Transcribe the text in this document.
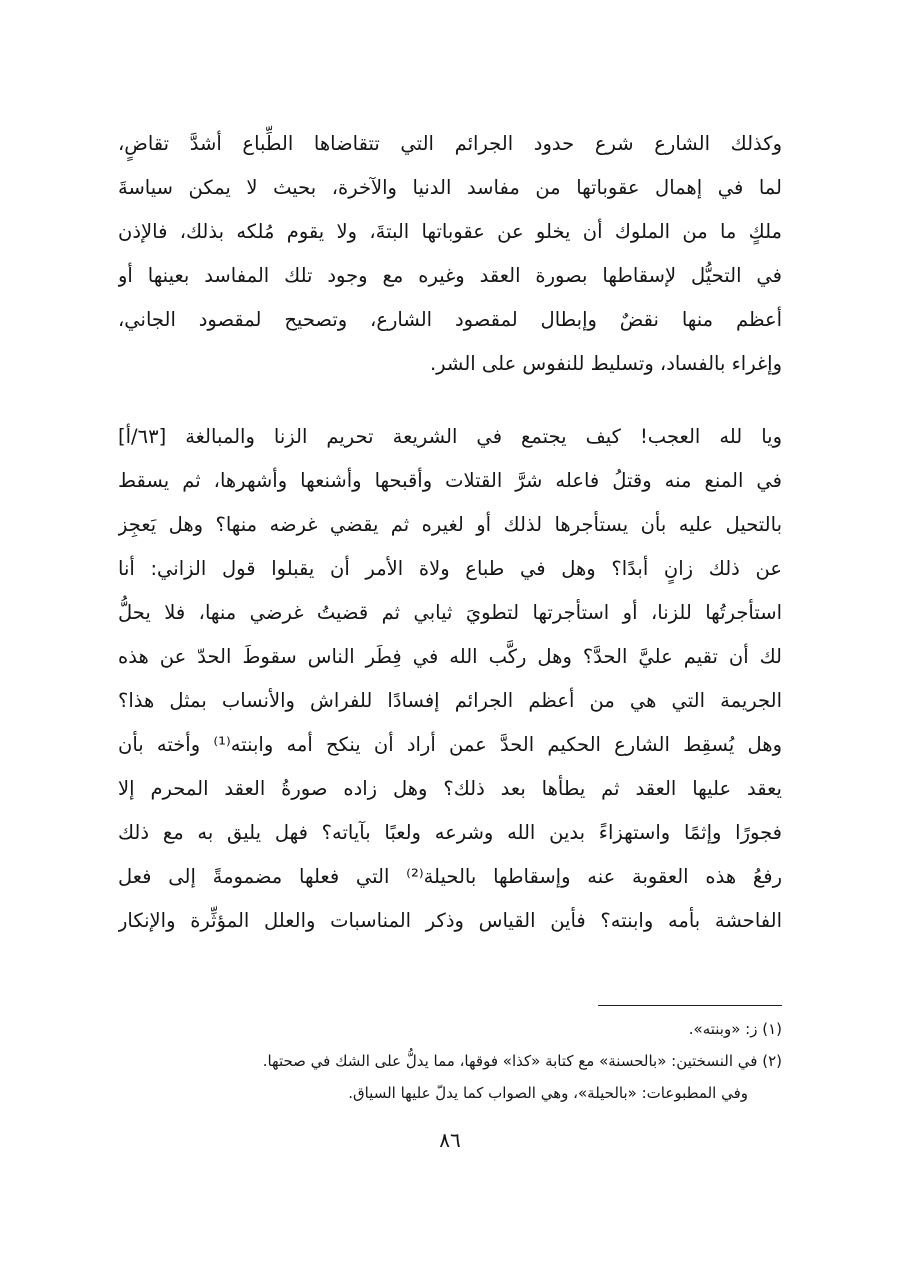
وكذلك الشارع شرع حدود الجرائم التي تتقاضاها الطِّباع أشدَّ تقاضٍ،
لما في إهمال عقوباتها من مفاسد الدنيا والآخرة، بحيث لا يمكن سياسةَ
ملكٍ ما من الملوك أن يخلو عن عقوباتها البتةَ، ولا يقوم مُلكه بذلك، فالإذن
في التحيُّل لإسقاطها بصورة العقد وغيره مع وجود تلك المفاسد بعينها أو
أعظم منها نقضٌ وإبطال لمقصود الشارع، وتصحيح لمقصود الجاني،
وإغراء بالفساد، وتسليط للنفوس على الشر.
ويا لله العجب! كيف يجتمع في الشريعة تحريم الزنا والمبالغة [٦٣/أ]
في المنع منه وقتلُ فاعله شرَّ القتلات وأقبحها وأشنعها وأشهرها، ثم يسقط
بالتحيل عليه بأن يستأجرها لذلك أو لغيره ثم يقضي غرضه منها؟ وهل يَعجِز
عن ذلك زانٍ أبدًا؟ وهل في طباع ولاة الأمر أن يقبلوا قول الزاني: أنا
استأجرتُها للزنا، أو استأجرتها لتطويَ ثيابي ثم قضيتُ غرضي منها، فلا يحلُّ
لك أن تقيم عليَّ الحدَّ؟ وهل ركَّب الله في فِطَر الناس سقوطَ الحدّ عن هذه
الجريمة التي هي من أعظم الجرائم إفسادًا للفراش والأنساب بمثل هذا؟
وهل يُسقِط الشارع الحكيم الحدَّ عمن أراد أن ينكح أمه وابنته⁽¹⁾ وأخته بأن
يعقد عليها العقد ثم يطأها بعد ذلك؟ وهل زاده صورةُ العقد المحرم إلا
فجورًا وإثمًا واستهزاءً بدين الله وشرعه ولعبًا بآياته؟ فهل يليق به مع ذلك
رفعُ هذه العقوبة عنه وإسقاطها بالحيلة⁽²⁾ التي فعلها مضمومةً إلى فعل
الفاحشة بأمه وابنته؟ فأين القياس وذكر المناسبات والعلل المؤثِّرة والإنكار
(١) ز: «وبنته».
(٢) في النسختين: «بالحسنة» مع كتابة «كذا» فوقها، مما يدلُّ على الشك في صحتها.
وفي المطبوعات: «بالحيلة»، وهي الصواب كما يدلّ عليها السياق.
٨٦
